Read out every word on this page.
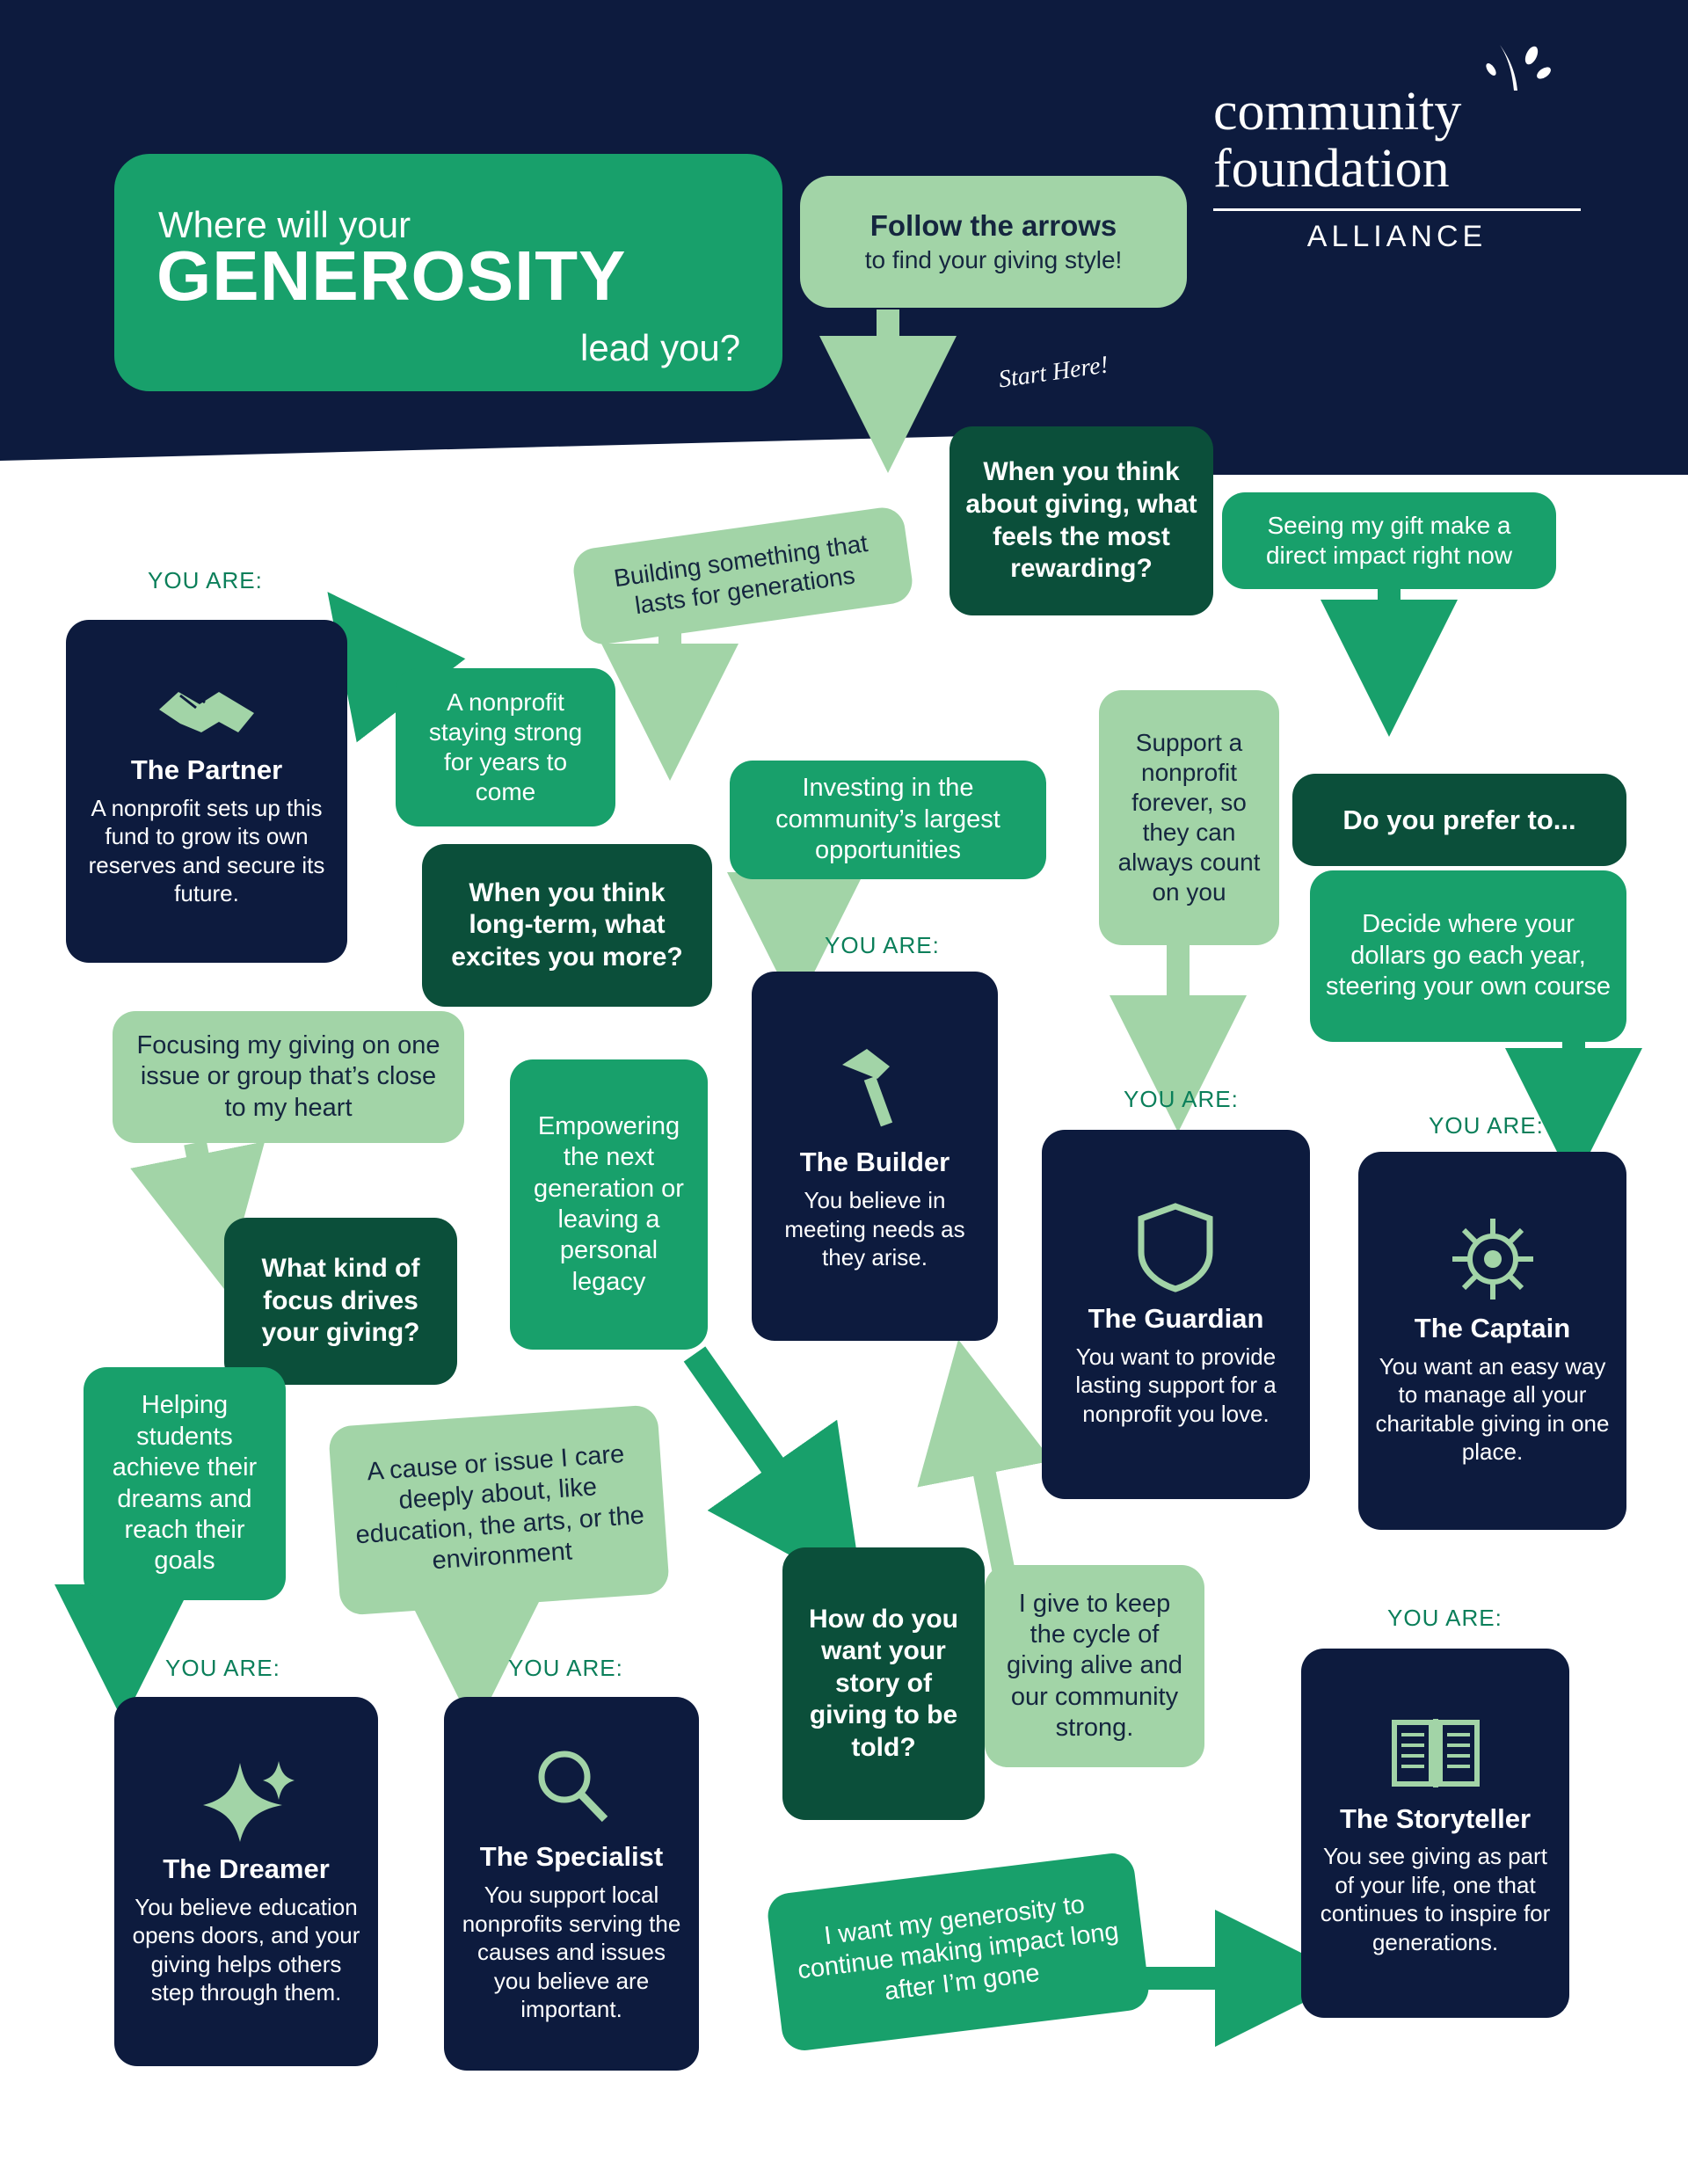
Where will your
GENEROSITY
lead you?
Follow the arrows
to find your giving style!
community
foundation
ALLIANCE
Start Here!
When you think about giving, what feels the most rewarding?
Building something that lasts for generations
Seeing my gift make a direct impact right now
YOU ARE:
The Partner
A nonprofit sets up this fund to grow its own reserves and secure its future.
A nonprofit staying strong for years to come
When you think long-term, what excites you more?
Investing in the community’s largest opportunities
Support a nonprofit forever, so they can always count on you
Do you prefer to...
Decide where your dollars go each year, steering your own course
YOU ARE:
The Builder
You believe in meeting needs as they arise.
YOU ARE:
The Guardian
You want to provide lasting support for a nonprofit you love.
YOU ARE:
The Captain
You want an easy way to manage all your charitable giving in one place.
Focusing my giving on one issue or group that’s close to my heart
What kind of focus drives your giving?
Empowering the next generation or leaving a personal legacy
Helping students achieve their dreams and reach their goals
A cause or issue I care deeply about, like education, the arts, or the environment
How do you want your story of giving to be told?
I give to keep the cycle of giving alive and our community strong.
I want my generosity to continue making impact long after I’m gone
YOU ARE:
The Dreamer
You believe education opens doors, and your giving helps others step through them.
YOU ARE:
The Specialist
You support local nonprofits serving the causes and issues you believe are important.
YOU ARE:
The Storyteller
You see giving as part of your life, one that continues to inspire for generations.
